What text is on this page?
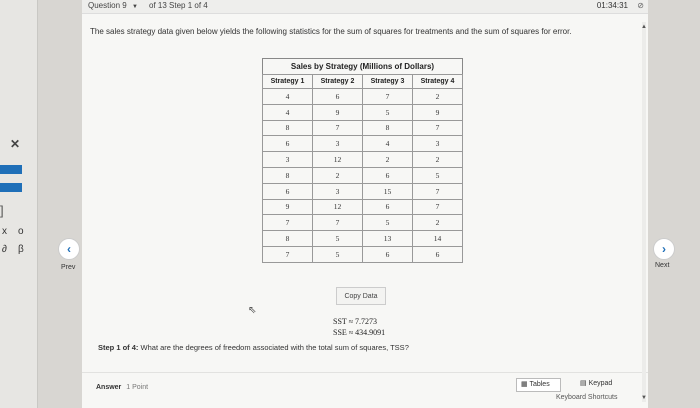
✕
]
x o
∂ β	‹
Prev
›
Next
Question 9 ▼ of 13 Step 1 of 4	01:34:31 ⊘
The sales strategy data given below yields the following statistics for the sum of squares for treatments and the sum of squares for error.
Sales by Strategy (Millions of Dollars)
Strategy 1	Strategy 2	Strategy 3	Strategy 4
4	6	7	2
4	9	5	9
8	7	8	7
6	3	4	3
3	12	2	2
8	2	6	5
6	3	15	7
9	12	6	7
7	7	5	2
8	5	13	14
7	5	6	6
Copy Data
⇖
SST ≈ 7.7273
SSE ≈ 434.9091
Step 1 of 4: What are the degrees of freedom associated with the total sum of squares, TSS?
Answer 1 Point	▦ Tables	▤ Keypad
Keyboard Shortcuts
▲
▼
